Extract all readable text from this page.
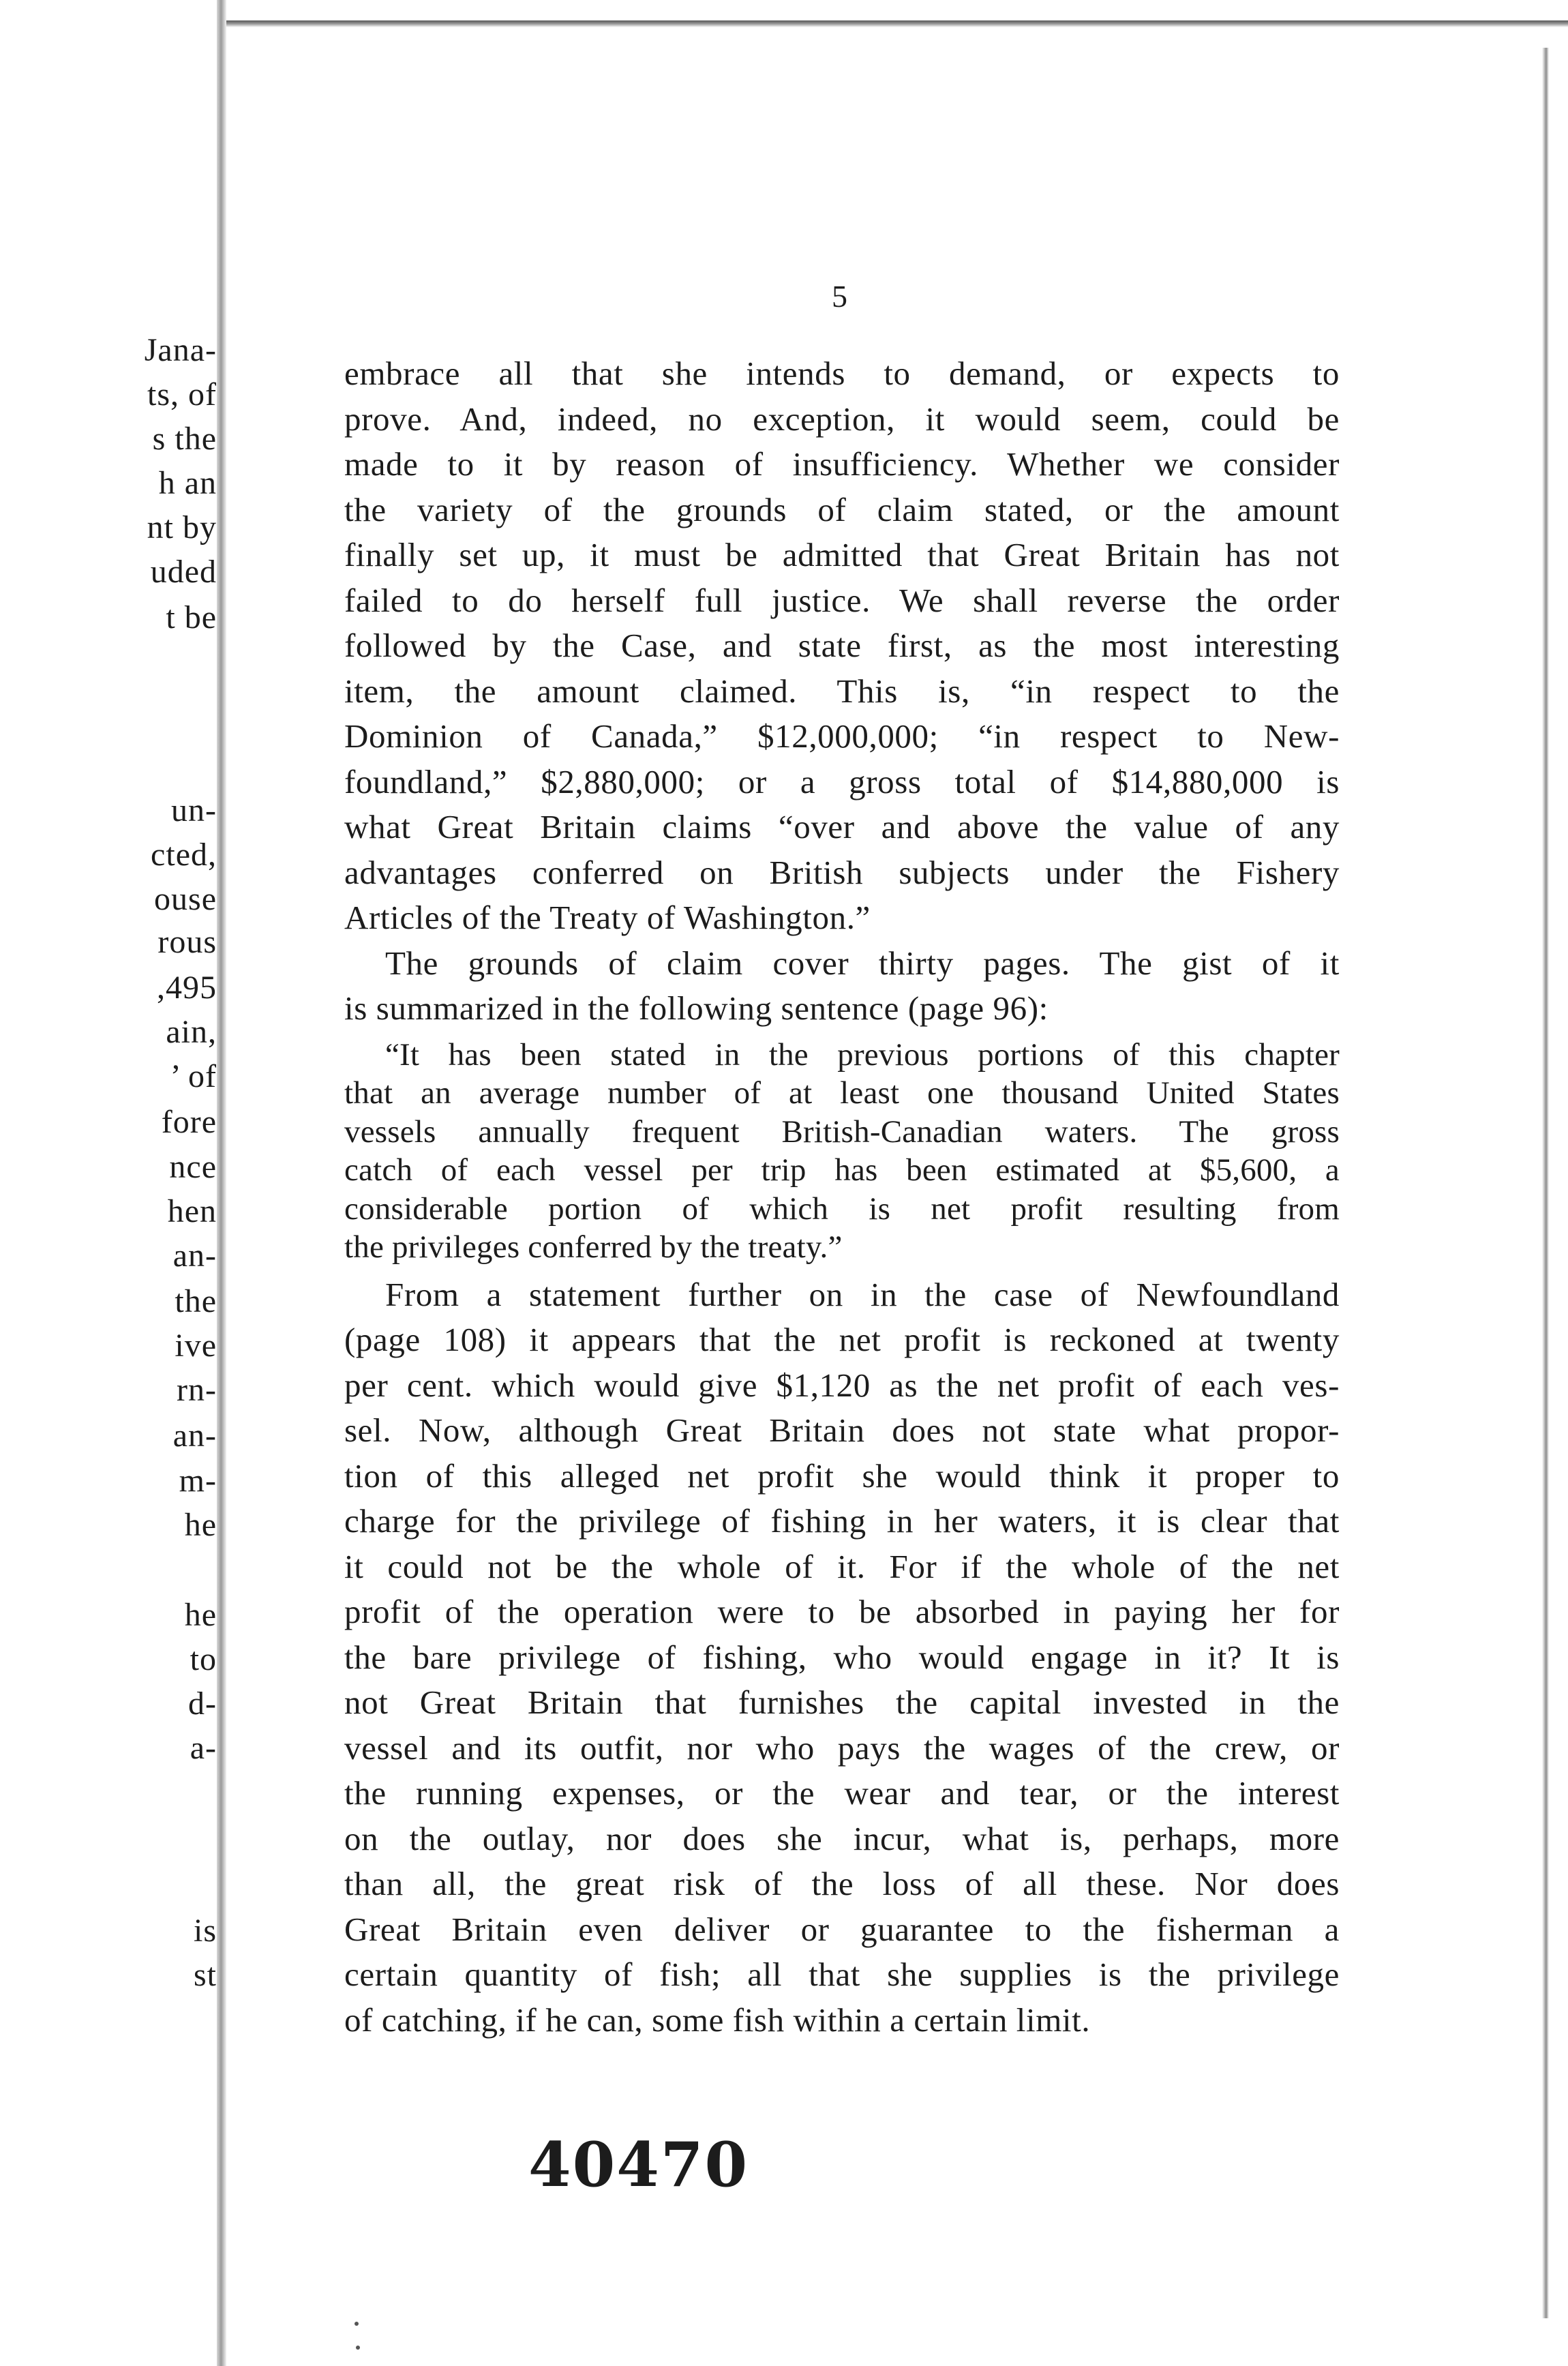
Jana-
ts, of
s the
h an
nt by
uded
t be
un-
cted,
ouse
rous
,495
ain,
’ of
fore
nce
hen
an-
the
ive
rn-
an-
m-
he
he
to
d-
a-
is
st
5
embrace all that she intends to demand, or expects to
prove. And, indeed, no exception, it would seem, could be
made to it by reason of insufficiency. Whether we consider
the variety of the grounds of claim stated, or the amount
finally set up, it must be admitted that Great Britain has not
failed to do herself full justice. We shall reverse the order
followed by the Case, and state first, as the most interesting
item, the amount claimed. This is, “in respect to the
Dominion of Canada,” $12,000,000; “in respect to New-
foundland,” $2,880,000; or a gross total of $14,880,000 is
what Great Britain claims “over and above the value of any
advantages conferred on British subjects under the Fishery
Articles of the Treaty of Washington.”
The grounds of claim cover thirty pages. The gist of it
is summarized in the following sentence (page 96):
“It has been stated in the previous portions of this chapter
that an average number of at least one thousand United States
vessels annually frequent British-Canadian waters. The gross
catch of each vessel per trip has been estimated at $5,600, a
considerable portion of which is net profit resulting from
the privileges conferred by the treaty.”
From a statement further on in the case of Newfoundland
(page 108) it appears that the net profit is reckoned at twenty
per cent. which would give $1,120 as the net profit of each ves-
sel. Now, although Great Britain does not state what propor-
tion of this alleged net profit she would think it proper to
charge for the privilege of fishing in her waters, it is clear that
it could not be the whole of it. For if the whole of the net
profit of the operation were to be absorbed in paying her for
the bare privilege of fishing, who would engage in it? It is
not Great Britain that furnishes the capital invested in the
vessel and its outfit, nor who pays the wages of the crew, or
the running expenses, or the wear and tear, or the interest
on the outlay, nor does she incur, what is, perhaps, more
than all, the great risk of the loss of all these. Nor does
Great Britain even deliver or guarantee to the fisherman a
certain quantity of fish; all that she supplies is the privilege
of catching, if he can, some fish within a certain limit.
40470
